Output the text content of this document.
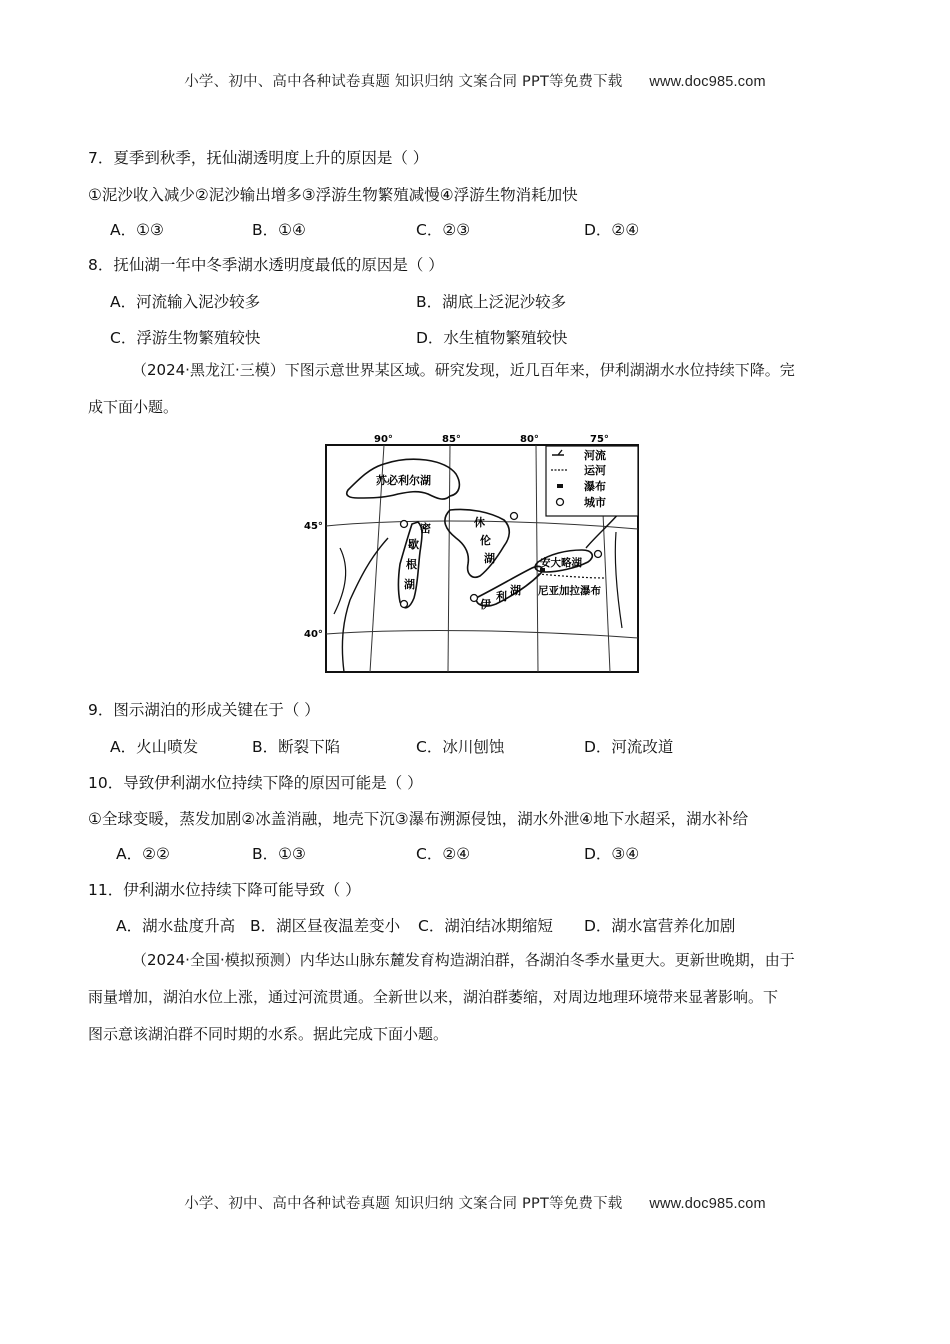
小学、初中、高中各种试卷真题 知识归纳 文案合同 PPT等免费下载 www.doc985.com
7．夏季到秋季，抚仙湖透明度上升的原因是（ ）
①泥沙收入减少②泥沙输出增多③浮游生物繁殖减慢④浮游生物消耗加快
A．①③	B．①④	C．②③	D．②④
8．抚仙湖一年中冬季湖水透明度最低的原因是（ ）
A．河流输入泥沙较多	B．湖底上泛泥沙较多
C．浮游生物繁殖较快	D．水生植物繁殖较快
（2024·黑龙江·三模）下图示意世界某区域。研究发现，近几百年来，伊利湖湖水水位持续下降。完
成下面小题。
90°	85°	80°	75°
45°
40°
河流
运河
瀑布
城市
苏必利尔湖
密
歇
根
湖
休
伦
湖
伊
利 湖
安大略湖
尼亚加拉瀑布
9．图示湖泊的形成关键在于（ ）
A．火山喷发	B．断裂下陷	C．冰川刨蚀	D．河流改道
10．导致伊利湖水位持续下降的原因可能是（ ）
①全球变暖，蒸发加剧②冰盖消融，地壳下沉③瀑布溯源侵蚀，湖水外泄④地下水超采，湖水补给
A．②②	B．①③	C．②④	D．③④
11．伊利湖水位持续下降可能导致（ ）
A．湖水盐度升高 B．湖区昼夜温差变小 C．湖泊结冰期缩短 D．湖水富营养化加剧
（2024·全国·模拟预测）内华达山脉东麓发育构造湖泊群，各湖泊冬季水量更大。更新世晚期，由于
雨量增加，湖泊水位上涨，通过河流贯通。全新世以来，湖泊群萎缩，对周边地理环境带来显著影响。下
图示意该湖泊群不同时期的水系。据此完成下面小题。
小学、初中、高中各种试卷真题 知识归纳 文案合同 PPT等免费下载 www.doc985.com
